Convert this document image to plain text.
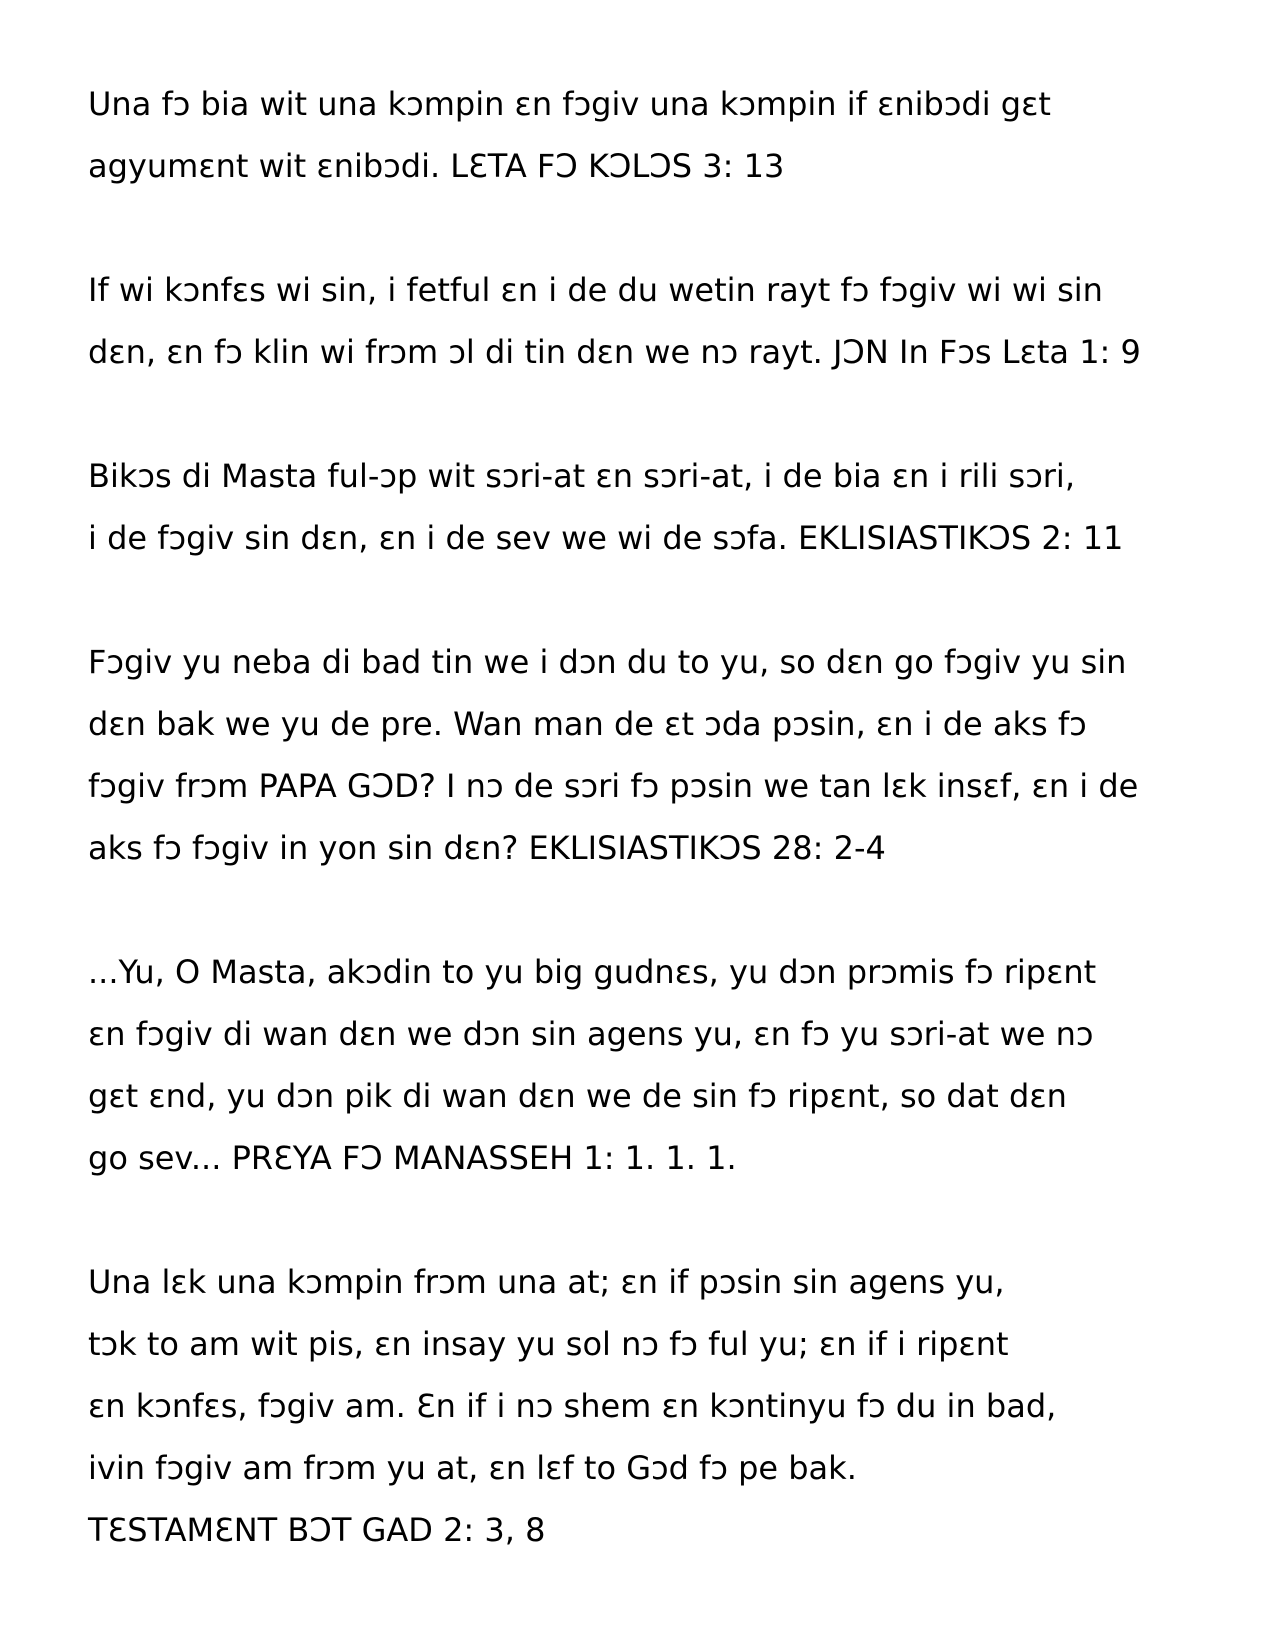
Una fɔ bia wit una kɔmpin ɛn fɔgiv una kɔmpin if ɛnibɔdi gɛt
agyumɛnt wit ɛnibɔdi. LƐTA FƆ KƆLƆS 3: 13
If wi kɔnfɛs wi sin, i fetful ɛn i de du wetin rayt fɔ fɔgiv wi wi sin
dɛn, ɛn fɔ klin wi frɔm ɔl di tin dɛn we nɔ rayt. JƆN In Fɔs Lɛta 1: 9
Bikɔs di Masta ful-ɔp wit sɔri-at ɛn sɔri-at, i de bia ɛn i rili sɔri,
i de fɔgiv sin dɛn, ɛn i de sev we wi de sɔfa. EKLISIASTIKƆS 2: 11
Fɔgiv yu neba di bad tin we i dɔn du to yu, so dɛn go fɔgiv yu sin
dɛn bak we yu de pre. Wan man de ɛt ɔda pɔsin, ɛn i de aks fɔ
fɔgiv frɔm PAPA GƆD? I nɔ de sɔri fɔ pɔsin we tan lɛk insɛf, ɛn i de
aks fɔ fɔgiv in yon sin dɛn? EKLISIASTIKƆS 28: 2-4
...Yu, O Masta, akɔdin to yu big gudnɛs, yu dɔn prɔmis fɔ ripɛnt
ɛn fɔgiv di wan dɛn we dɔn sin agens yu, ɛn fɔ yu sɔri-at we nɔ
gɛt ɛnd, yu dɔn pik di wan dɛn we de sin fɔ ripɛnt, so dat dɛn
go sev... PRƐYA FƆ MANASSEH 1: 1. 1. 1.
Una lɛk una kɔmpin frɔm una at; ɛn if pɔsin sin agens yu,
tɔk to am wit pis, ɛn insay yu sol nɔ fɔ ful yu; ɛn if i ripɛnt
ɛn kɔnfɛs, fɔgiv am. Ɛn if i nɔ shem ɛn kɔntinyu fɔ du in bad,
ivin fɔgiv am frɔm yu at, ɛn lɛf to Gɔd fɔ pe bak.
TƐSTAMƐNT BƆT GAD 2: 3, 8
